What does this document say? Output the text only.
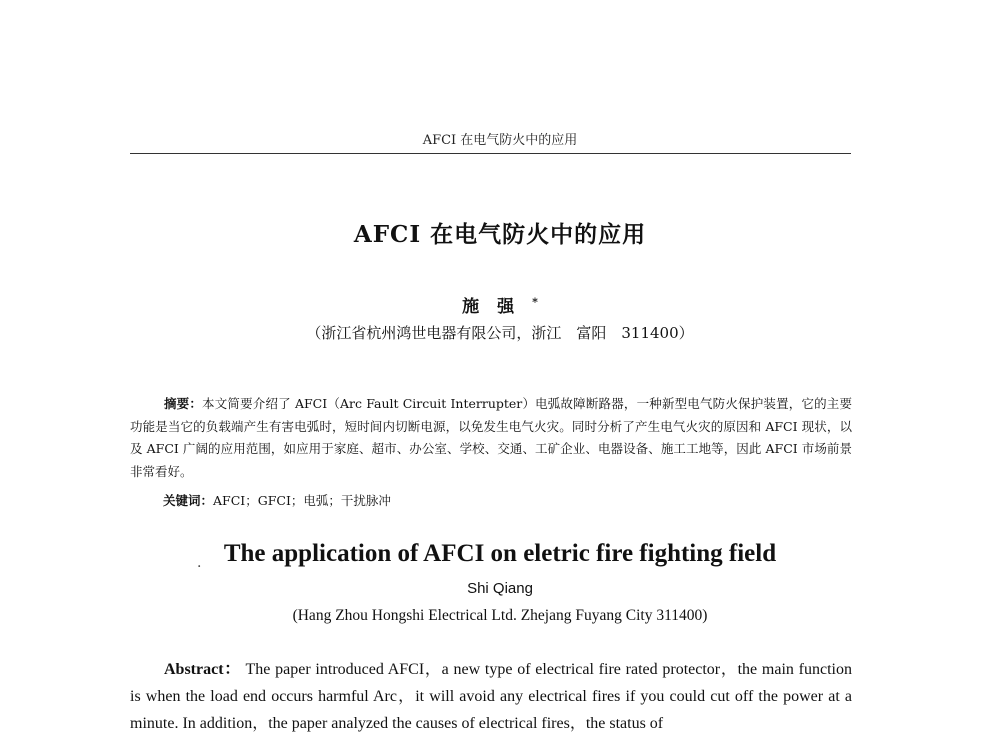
AFCI 在电气防火中的应用
AFCI 在电气防火中的应用
施强*
（浙江省杭州鸿世电器有限公司，浙江　富阳　311400）
摘要：本文简要介绍了 AFCI（Arc Fault Circuit Interrupter）电弧故障断路器，一种新型电气防火保护装置，它的主要功能是当它的负载端产生有害电弧时，短时间内切断电源，以免发生电气火灾。同时分析了产生电气火灾的原因和 AFCI 现状，以及 AFCI 广阔的应用范围，如应用于家庭、超市、办公室、学校、交通、工矿企业、电器设备、施工工地等，因此 AFCI 市场前景非常看好。
关键词：AFCI；GFCI；电弧；干扰脉冲
· The application of AFCI on eletric fire fighting field
Shi Qiang
(Hang Zhou Hongshi Electrical Ltd. Zhejang Fuyang City 311400)
Abstract： The paper introduced AFCI，a new type of electrical fire rated protector，the main function is when the load end occurs harmful Arc，it will avoid any electrical fires if you could cut off the power at a minute. In addition，the paper analyzed the causes of electrical fires，the status of
